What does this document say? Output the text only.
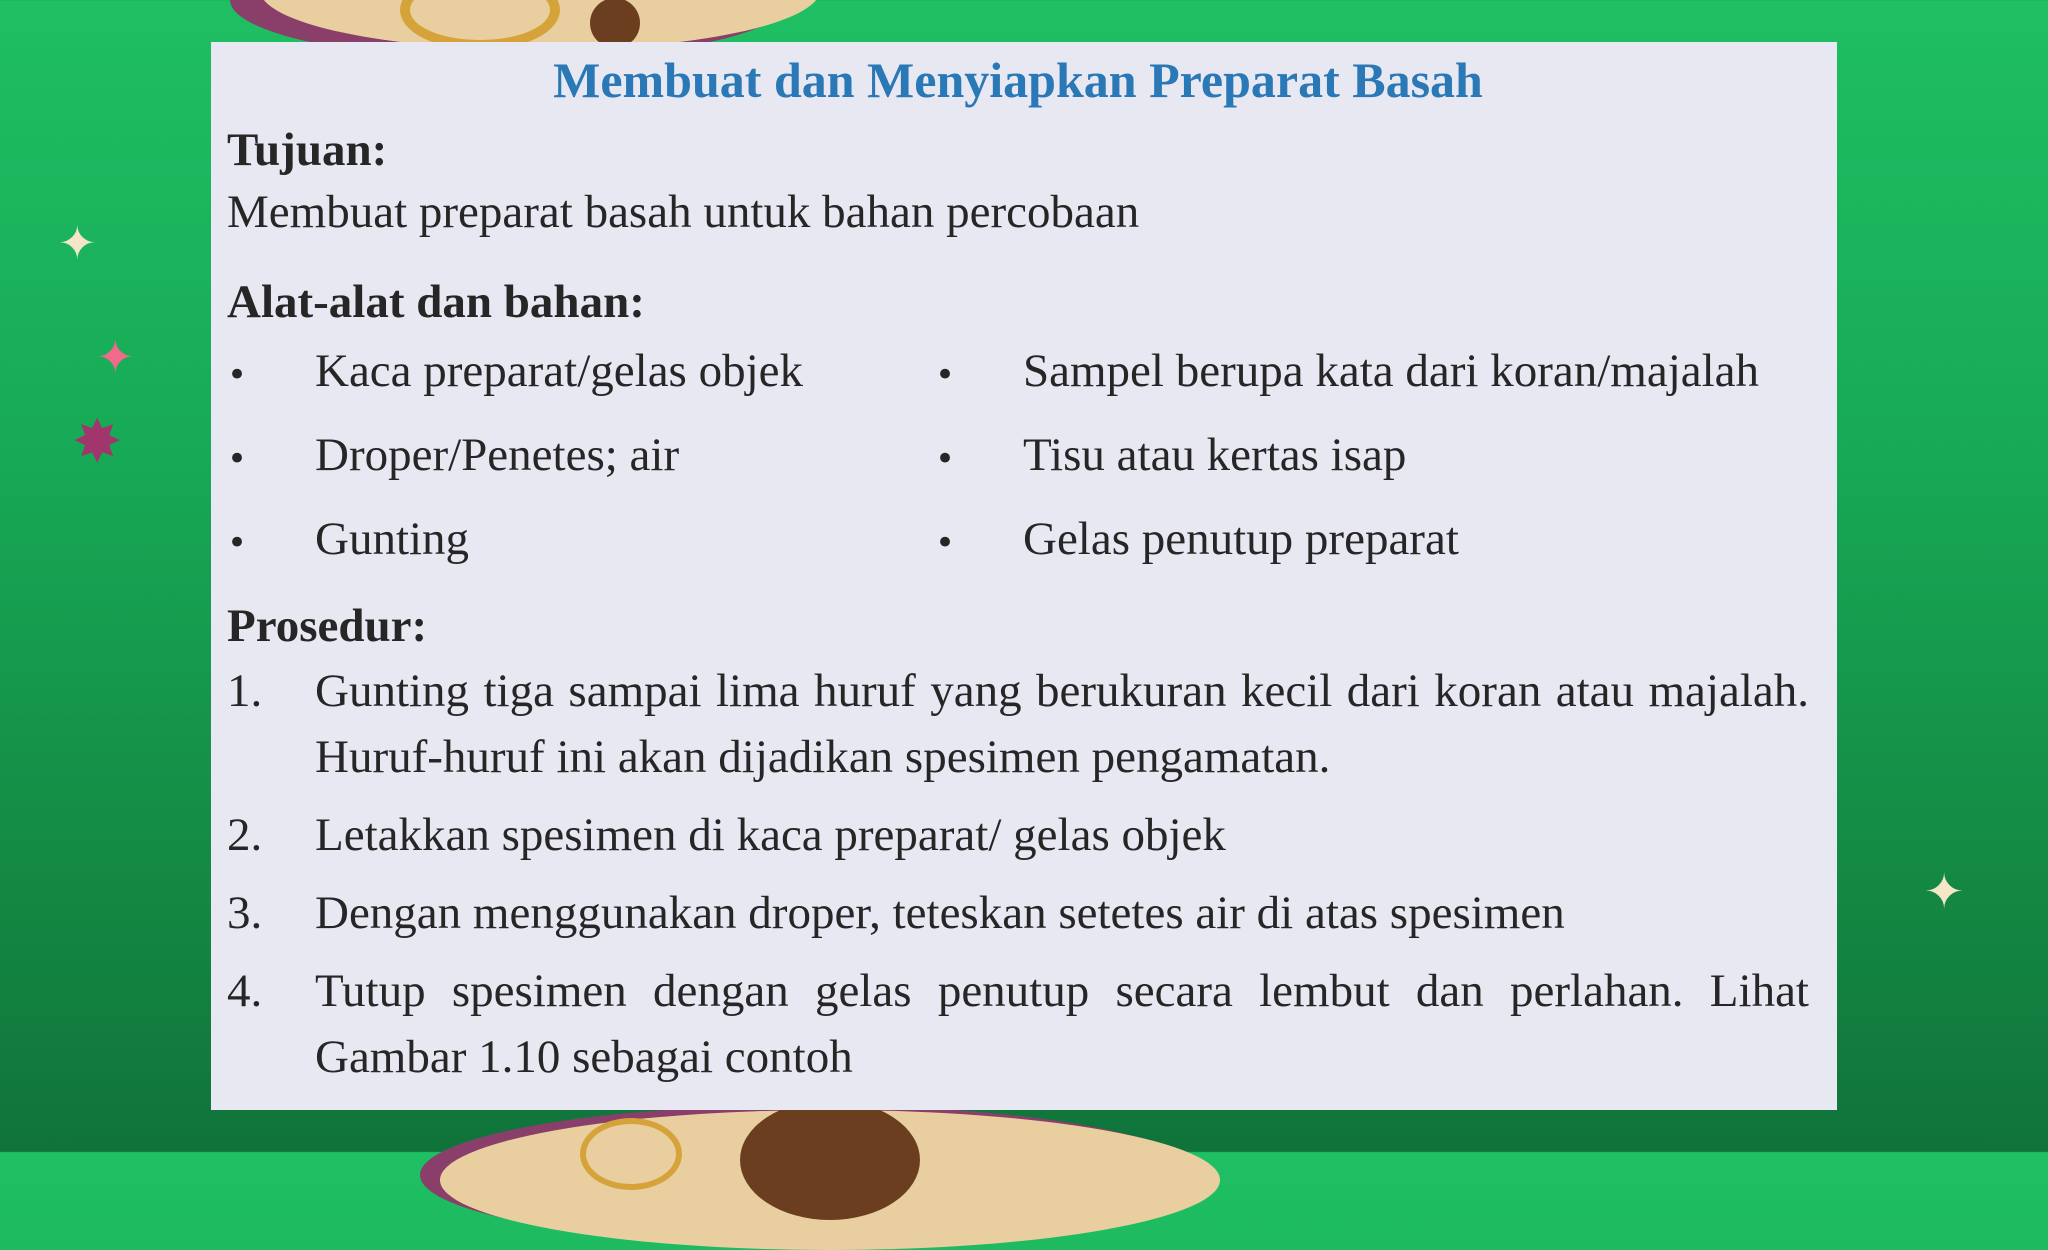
✦
✦
✸
✦
Membuat dan Menyiapkan Preparat Basah

Tujuan:

Membuat preparat basah untuk bahan percobaan

Alat-alat dan bahan:

•	Kaca preparat/gelas objek	•	Sampel berupa kata dari koran/majalah
•	Droper/Penetes; air	•	Tisu atau kertas isap
•	Gunting	•	Gelas penutup preparat

Prosedur:

1.	Gunting tiga sampai lima huruf yang berukuran kecil dari koran atau majalah. Huruf-huruf ini akan dijadikan spesimen pengamatan.
2.	Letakkan spesimen di kaca preparat/ gelas objek
3.	Dengan menggunakan droper, teteskan setetes air di atas spesimen
4.	Tutup spesimen dengan gelas penutup secara lembut dan perlahan. Lihat Gambar 1.10 sebagai contoh
